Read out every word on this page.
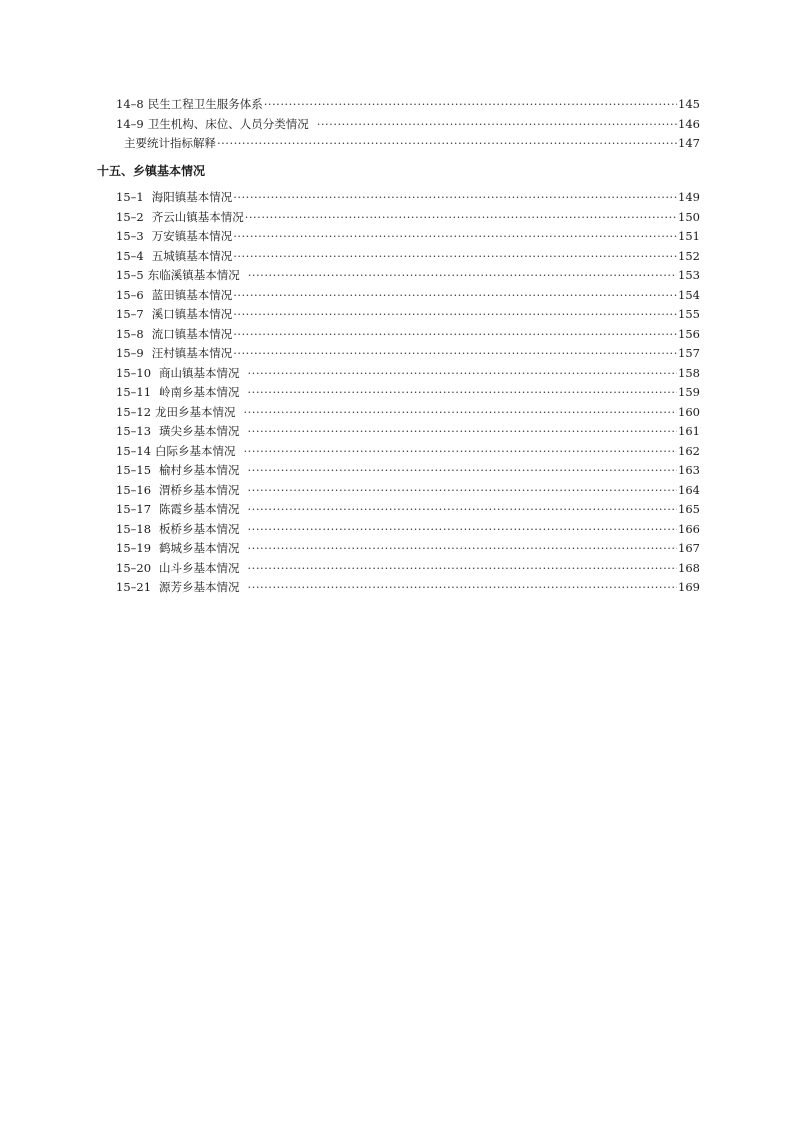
14–8 民生工程卫生服务体系 ·····	145
14–9 卫生机构、床位、人员分类情况 ·····	146
主要统计指标解释 ·····	147
十五、乡镇基本情况
15–1 海阳镇基本情况 ·····	149
15–2 齐云山镇基本情况 ·····	150
15–3 万安镇基本情况 ·····	151
15–4 五城镇基本情况 ·····	152
15–5 东临溪镇基本情况 ·····	153
15–6 蓝田镇基本情况 ·····	154
15–7 溪口镇基本情况 ·····	155
15–8 流口镇基本情况 ·····	156
15–9 汪村镇基本情况 ·····	157
15–10 商山镇基本情况 ·····	158
15–11 岭南乡基本情况 ·····	159
15–12 龙田乡基本情况 ·····	160
15–13 璜尖乡基本情况 ·····	161
15–14 白际乡基本情况 ·····	162
15–15 榆村乡基本情况 ·····	163
15–16 渭桥乡基本情况 ·····	164
15–17 陈霞乡基本情况 ·····	165
15–18 板桥乡基本情况 ·····	166
15–19 鹤城乡基本情况 ·····	167
15–20 山斗乡基本情况 ·····	168
15–21 源芳乡基本情况 ·····	169
